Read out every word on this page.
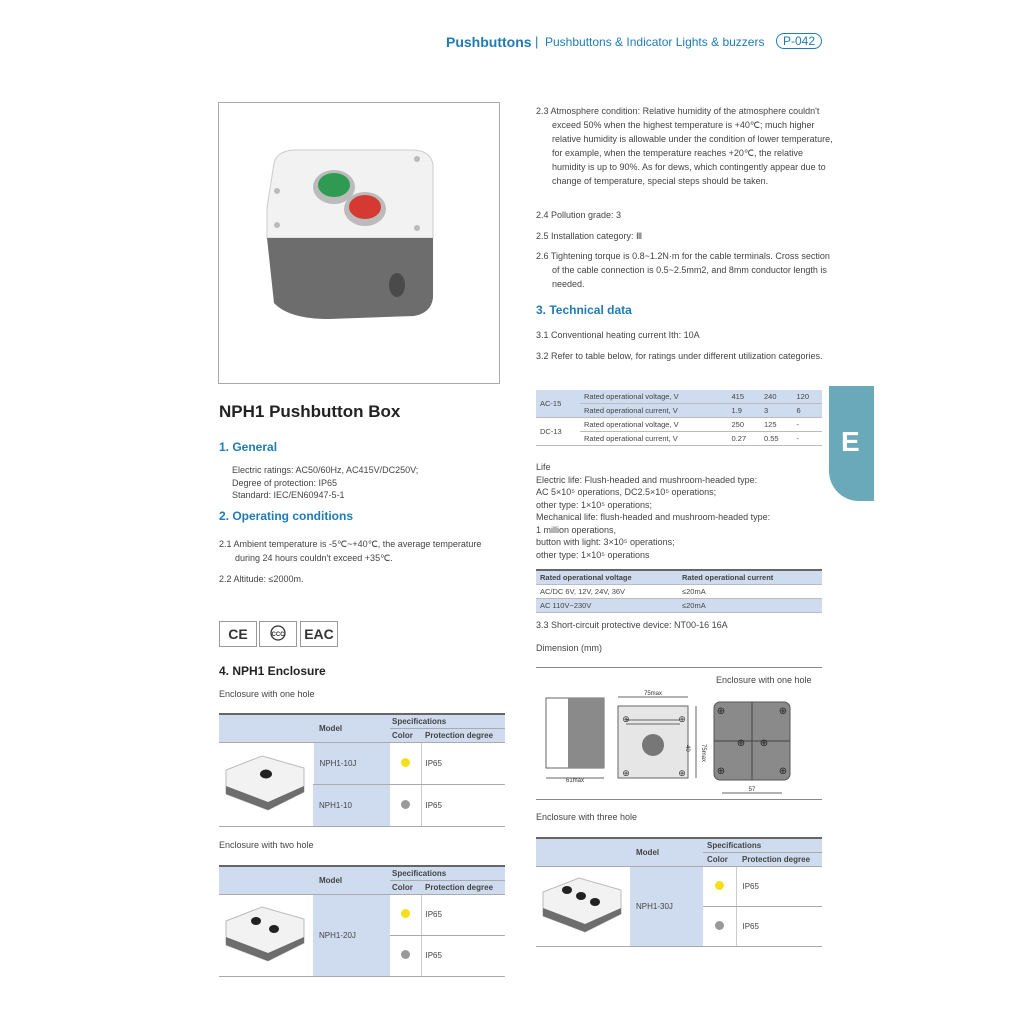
Pushbuttons | Pushbuttons & Indicator Lights & buzzers	P-042
NPH1 Pushbutton Box
1. General
Electric ratings: AC50/60Hz, AC415V/DC250V;
Degree of protection: IP65
Standard: IEC/EN60947-5-1
2. Operating conditions
2.1 Ambient temperature is -5℃~+40℃, the average temperature during 24 hours couldn't exceed +35℃.
2.2 Altitude: ≤2000m.
CE	CCC EAC
4. NPH1 Enclosure
Enclosure with one hole
	Model	Specifications	
		Color	Protection degree
	NPH1-10J		IP65
	NPH1-10		IP65
Enclosure with two hole
	Model	Specifications	
		Color	Protection degree
	NPH1-20J		IP65
			IP65
2.3 Atmosphere condition: Relative humidity of the atmosphere couldn't exceed 50% when the highest temperature is +40℃; much higher relative humidity is allowable under the condition of lower temperature, for example, when the temperature reaches +20℃, the relative humidity is up to 90%. As for dews, which contingently appear due to change of temperature, special steps should be taken.
2.4 Pollution grade: 3
2.5 Installation category: Ⅲ
2.6 Tightening torque is 0.8~1.2N·m for the cable terminals. Cross section of the cable connection is 0.5~2.5mm2, and 8mm conductor length is needed.
3. Technical data
3.1 Conventional heating current Ith: 10A
3.2 Refer to table below, for ratings under different utilization categories.
AC-15	Rated operational voltage, V	415	240	120
	Rated operational current, V	1.9	3	6
DC-13	Rated operational voltage, V	250	125	-
	Rated operational current, V	0.27	0.55	-
Life
Electric life: Flush-headed and mushroom-headed type:
AC 5×10⁵ operations, DC2.5×10⁵ operations;
other type: 1×10⁵ operations;
Mechanical life: flush-headed and mushroom-headed type:
1 million operations,
button with light: 3×10⁵ operations;
other type: 1×10⁵ operations
Rated operational voltage	Rated operational current
AC/DC 6V, 12V, 24V, 36V	≤20mA
AC 110V~230V	≤20mA
3.3 Short-circuit protective device: NT00-16 16A
Dimension (mm)
Enclosure with one hole
61max
75max
⊕	⊕
⊕	⊕
75max
40
⊕	⊕
⊕	⊕
⊕ ⊕
57
Enclosure with three hole
	Model	Specifications	
		Color	Protection degree
	NPH1-30J		IP65
			IP65
E
